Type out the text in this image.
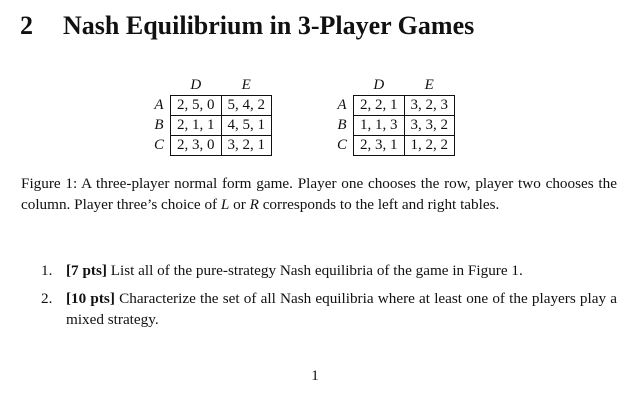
2 Nash Equilibrium in 3-Player Games
	D	E
A	2, 5, 0	5, 4, 2
B	2, 1, 1	4, 5, 1
C	2, 3, 0	3, 2, 1
	D	E
A	2, 2, 1	3, 2, 3
B	1, 1, 3	3, 3, 2
C	2, 3, 1	1, 2, 2
Figure 1: A three-player normal form game. Player one chooses the row, player two chooses the column. Player three’s choice of L or R corresponds to the left and right tables.
1. [7 pts] List all of the pure-strategy Nash equilibria of the game in Figure 1.
2. [10 pts] Characterize the set of all Nash equilibria where at least one of the players play a mixed strategy.
1
